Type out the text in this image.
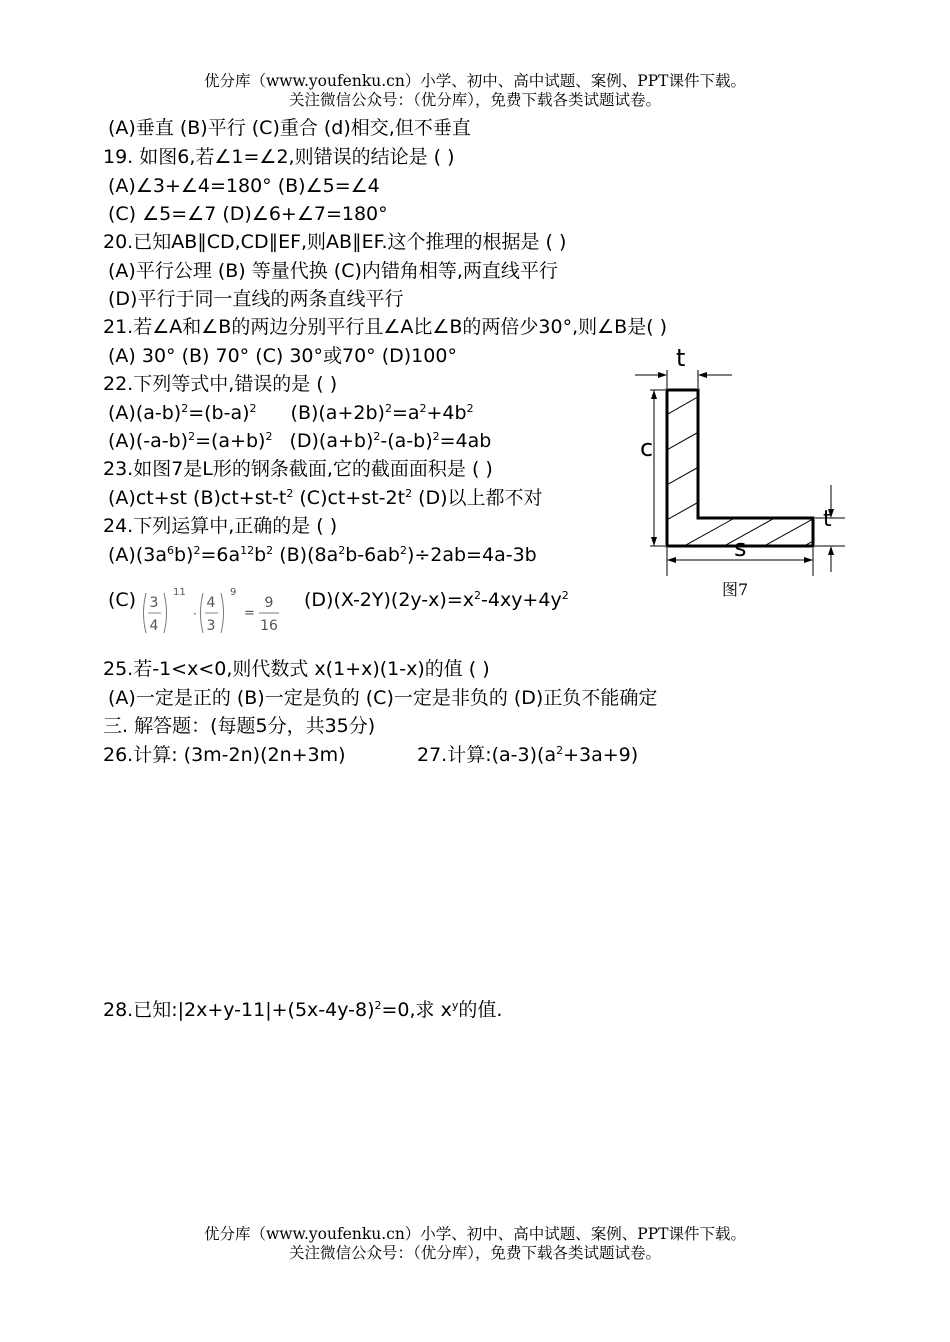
优分库（www.youfenku.cn）小学、初中、高中试题、案例、PPT课件下载。
关注微信公众号：（优分库），免费下载各类试题试卷。
(A)垂直 (B)平行 (C)重合 (d)相交,但不垂直
19. 如图6,若∠1=∠2,则错误的结论是 ( )
(A)∠3+∠4=180° (B)∠5=∠4
(C) ∠5=∠7 (D)∠6+∠7=180°
20.已知AB∥CD,CD∥EF,则AB∥EF.这个推理的根据是 ( )
(A)平行公理 (B) 等量代换 (C)内错角相等,两直线平行
(D)平行于同一直线的两条直线平行
21.若∠A和∠B的两边分别平行且∠A比∠B的两倍少30°,则∠B是( )
(A) 30° (B) 70° (C) 30°或70° (D)100°
22.下列等式中,错误的是 ( )
$(A)(a-b)^2=(b-a)^2$ $(B)(a+2b)^2=a^2+4b^2$
$(A)(-a-b)^2=(a+b)^2$ $(D)(a+b)^2-(a-b)^2=4ab$
23.如图7是L形的钢条截面,它的截面面积是 ( )
(A)ct+st $(B)ct+st-t^2$ $(C)ct+st-2t^2$ (D)以上都不对
24.下列运算中,正确的是 ( )
$(A)(3a^6b)^2=6a^{12}b^2$ $(B)(8a^2b-6ab^2)\div 2ab=4a-3b$
(C) 3
4
11
·
4
3
9
=
9
16
$(D)(X-2Y)(2y-x)=x^2-4xy+4y^2$
25.若-1<x<0,则代数式 x(1+x)(1-x)的值 ( )
(A)一定是正的 (B)一定是负的 (C)一定是非负的 (D)正负不能确定
三. 解答题：(每题5分，共35分)
26.计算: (3m-2n)(2n+3m)	27.计算$:(a-3)(a^2+3a+9)$
28.已知$:|2x+y-11|+(5x-4y-8)^2=0$,求 $x^y$的值.
t
c
s
t
图7
优分库（www.youfenku.cn）小学、初中、高中试题、案例、PPT课件下载。
关注微信公众号：（优分库），免费下载各类试题试卷。
